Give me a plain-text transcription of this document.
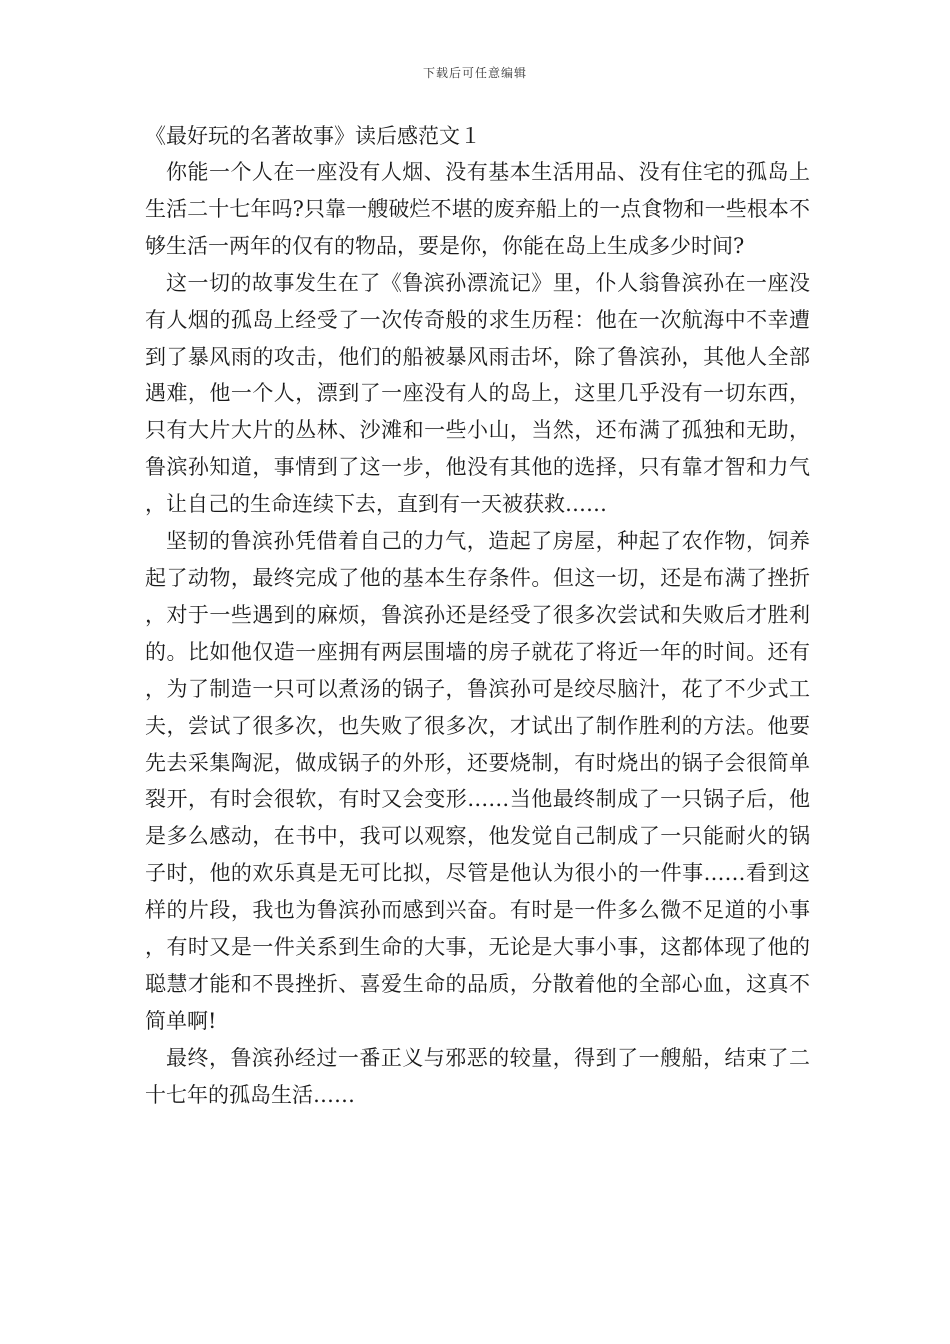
下载后可任意编辑
《最好玩的名著故事》读后感范文１

你能一个人在一座没有人烟、没有基本生活用品、没有住宅的孤岛上生活二十七年吗?只靠一艘破烂不堪的废弃船上的一点食物和一些根本不够生活一两年的仅有的物品，要是你，你能在岛上生成多少时间?

这一切的故事发生在了《鲁滨孙漂流记》里，仆人翁鲁滨孙在一座没有人烟的孤岛上经受了一次传奇般的求生历程：他在一次航海中不幸遭到了暴风雨的攻击，他们的船被暴风雨击坏，除了鲁滨孙，其他人全部遇难，他一个人，漂到了一座没有人的岛上，这里几乎没有一切东西，只有大片大片的丛林、沙滩和一些小山，当然，还布满了孤独和无助，鲁滨孙知道，事情到了这一步，他没有其他的选择，只有靠才智和力气，让自己的生命连续下去，直到有一天被获救……

坚韧的鲁滨孙凭借着自己的力气，造起了房屋，种起了农作物，饲养起了动物，最终完成了他的基本生存条件。但这一切，还是布满了挫折，对于一些遇到的麻烦，鲁滨孙还是经受了很多次尝试和失败后才胜利的。比如他仅造一座拥有两层围墙的房子就花了将近一年的时间。还有，为了制造一只可以煮汤的锅子，鲁滨孙可是绞尽脑汁，花了不少式工夫，尝试了很多次，也失败了很多次，才试出了制作胜利的方法。他要先去采集陶泥，做成锅子的外形，还要烧制，有时烧出的锅子会很简单裂开，有时会很软，有时又会变形……当他最终制成了一只锅子后，他是多么感动，在书中，我可以观察，他发觉自己制成了一只能耐火的锅子时，他的欢乐真是无可比拟，尽管是他认为很小的一件事……看到这样的片段，我也为鲁滨孙而感到兴奋。有时是一件多么微不足道的小事，有时又是一件关系到生命的大事，无论是大事小事，这都体现了他的聪慧才能和不畏挫折、喜爱生命的品质，分散着他的全部心血，这真不简单啊!

最终，鲁滨孙经过一番正义与邪恶的较量，得到了一艘船，结束了二十七年的孤岛生活……
